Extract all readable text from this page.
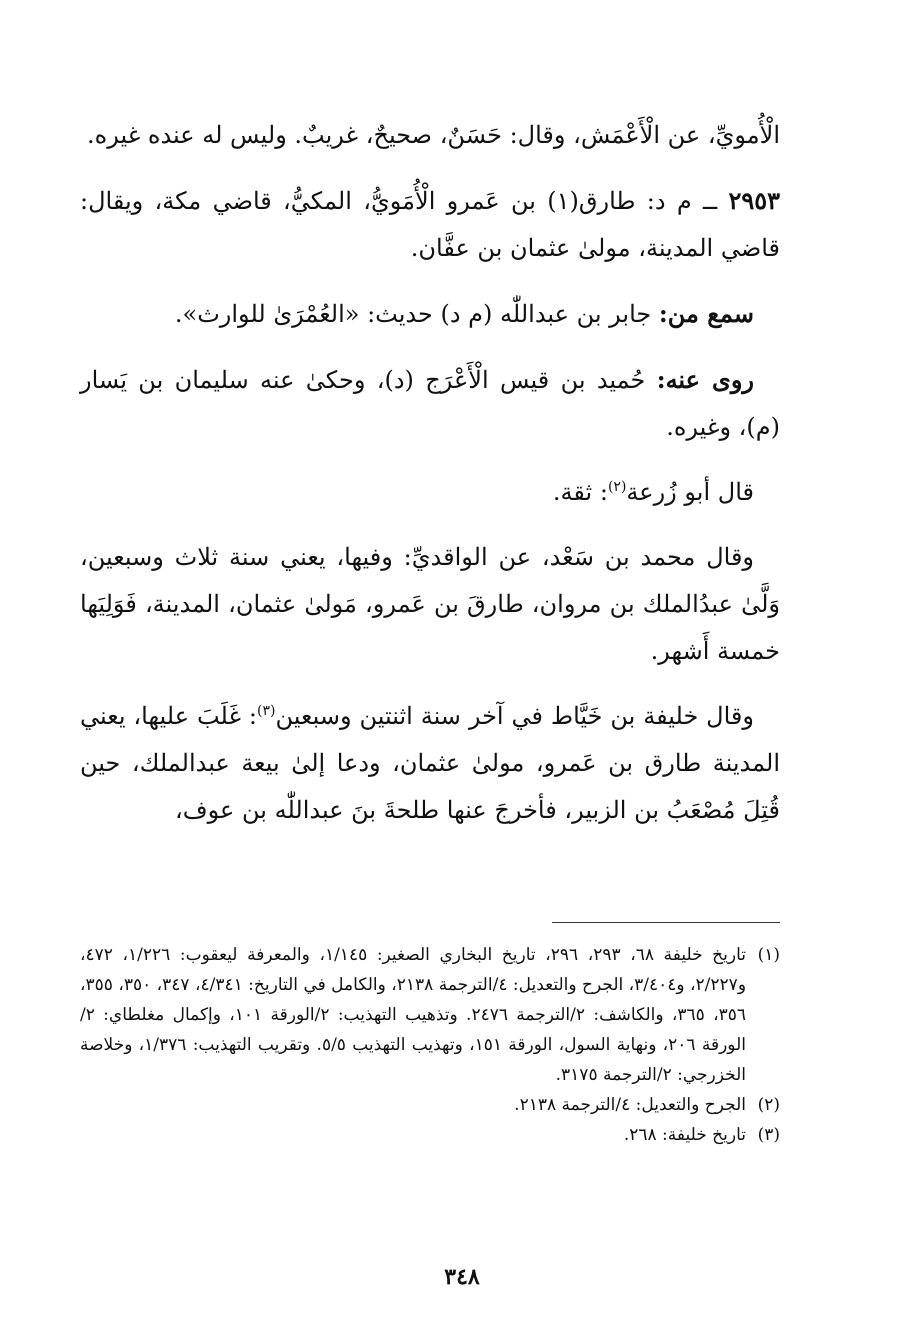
الْأُمويِّ، عن الْأَعْمَش، وقال: حَسَنٌ، صحيحٌ، غريبٌ. وليس له عنده غيره.

٢٩٥٣ ــ م د: طارق(١) بن عَمرو الْأُمَويُّ، المكيُّ، قاضي مكة، ويقال: قاضي المدينة، مولىٰ عثمان بن عفَّان.

سمع من: جابر بن عبداللّٰه (م د) حديث: «العُمْرَىٰ للوارث».

روى عنه: حُميد بن قيس الْأَعْرَج (د)، وحكىٰ عنه سليمان بن يَسار (م)، وغيره.

قال أبو زُرعة$^{(٢)}$: ثقة.

وقال محمد بن سَعْد، عن الواقديِّ: وفيها، يعني سنة ثلاث وسبعين، وَلَّىٰ عبدُالملك بن مروان، طارقَ بن عَمرو، مَولىٰ عثمان، المدينة، فَوَلِيَها خمسة أَشهر.

وقال خليفة بن خَيَّاط في آخر سنة اثنتين وسبعين$^{(٣)}$: غَلَبَ عليها، يعني المدينة طارق بن عَمرو، مولىٰ عثمان، ودعا إلىٰ بيعة عبدالملك، حين قُتِلَ مُصْعَبُ بن الزبير، فأخرجَ عنها طلحةَ بنَ عبداللّٰه بن عوف،

(١)
تاريخ خليفة ٦٨، ٢٩٣، ٢٩٦، تاريخ البخاري الصغير: ١/١٤٥، والمعرفة ليعقوب: ١/٢٢٦، ٤٧٢، و٢/٢٢٧، و٣/٤٠٤، الجرح والتعديل: ٤/الترجمة ٢١٣٨، والكامل في التاريخ: ٤/٣٤١، ٣٤٧، ٣٥٠، ٣٥٥، ٣٥٦، ٣٦٥، والكاشف: ٢/الترجمة ٢٤٧٦. وتذهيب التهذيب: ٢/الورقة ١٠١، وإكمال مغلطاي: ٢/الورقة ٢٠٦، ونهاية السول، الورقة ١٥١، وتهذيب التهذيب ٥/٥. وتقريب التهذيب: ١/٣٧٦، وخلاصة الخزرجي: ٢/الترجمة ٣١٧٥.
(٢)
الجرح والتعديل: ٤/الترجمة ٢١٣٨.
(٣)
تاريخ خليفة: ٢٦٨.
٣٤٨
